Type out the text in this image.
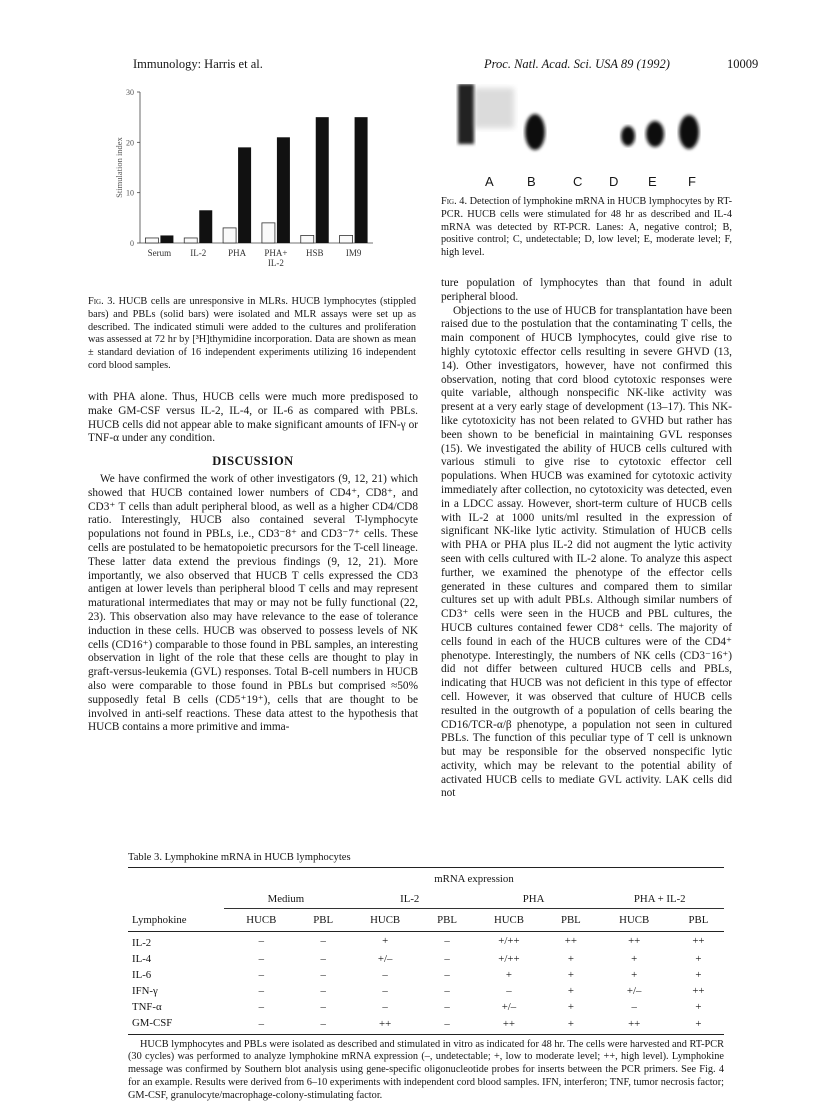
Immunology: Harris et al.	Proc. Natl. Acad. Sci. USA 89 (1992)	10009
0
10
20
30
Stimulation index
Serum IL-2 PHA PHA+ IL-2
HSB IM9
Fig. 3. HUCB cells are unresponsive in MLRs. HUCB lymphocytes (stippled bars) and PBLs (solid bars) were isolated and MLR assays were set up as described. The indicated stimuli were added to the cultures and proliferation was assessed at 72 hr by [³H]thymidine incorporation. Data are shown as mean ± standard deviation of 16 independent experiments utilizing 16 independent cord blood samples.
A	B	C D E F
Fig. 4. Detection of lymphokine mRNA in HUCB lymphocytes by RT-PCR. HUCB cells were stimulated for 48 hr as described and IL-4 mRNA was detected by RT-PCR. Lanes: A, negative control; B, positive control; C, undetectable; D, low level; E, moderate level; F, high level.

with PHA alone. Thus, HUCB cells were much more predisposed to make GM-CSF versus IL-2, IL-4, or IL-6 as compared with PBLs. HUCB cells did not appear able to make significant amounts of IFN-γ or TNF-α under any condition.

DISCUSSION

We have confirmed the work of other investigators (9, 12, 21) which showed that HUCB contained lower numbers of CD4⁺, CD8⁺, and CD3⁺ T cells than adult peripheral blood, as well as a higher CD4/CD8 ratio. Interestingly, HUCB also contained several T-lymphocyte populations not found in PBLs, i.e., CD3⁻8⁺ and CD3⁻7⁺ cells. These cells are postulated to be hematopoietic precursors for the T-cell lineage. These latter data extend the previous findings (9, 12, 21). More importantly, we also observed that HUCB T cells expressed the CD3 antigen at lower levels than peripheral blood T cells and may represent maturational intermediates that may or may not be fully functional (22, 23). This observation also may have relevance to the ease of tolerance induction in these cells. HUCB was observed to possess levels of NK cells (CD16⁺) comparable to those found in PBL samples, an interesting observation in light of the role that these cells are thought to play in graft-versus-leukemia (GVL) responses. Total B-cell numbers in HUCB also were comparable to those found in PBLs but comprised ≈50% supposedly fetal B cells (CD5⁺19⁺), cells that are thought to be involved in anti-self reactions. These data attest to the hypothesis that HUCB contains a more primitive and imma-

ture population of lymphocytes than that found in adult peripheral blood.

Objections to the use of HUCB for transplantation have been raised due to the postulation that the contaminating T cells, the main component of HUCB lymphocytes, could give rise to highly cytotoxic effector cells resulting in severe GHVD (13, 14). Other investigators, however, have not confirmed this observation, noting that cord blood cytotoxic responses were quite variable, although nonspecific NK-like activity was present at a very early stage of development (13–17). This NK-like cytotoxicity has not been related to GVHD but rather has been shown to be beneficial in maintaining GVL responses (15). We investigated the ability of HUCB cells cultured with various stimuli to give rise to cytotoxic effector cell populations. When HUCB was examined for cytotoxic activity immediately after collection, no cytotoxicity was detected, even in a LDCC assay. However, short-term culture of HUCB cells with IL-2 at 1000 units/ml resulted in the expression of significant NK-like lytic activity. Stimulation of HUCB cells with PHA or PHA plus IL-2 did not augment the lytic activity seen with cells cultured with IL-2 alone. To analyze this aspect further, we examined the phenotype of the effector cells generated in these cultures and compared them to similar cultures set up with adult PBLs. Although similar numbers of CD3⁺ cells were seen in the HUCB and PBL cultures, the HUCB cultures contained fewer CD8⁺ cells. The majority of cells found in each of the HUCB cultures were of the CD4⁺ phenotype. Interestingly, the numbers of NK cells (CD3⁻16⁺) did not differ between cultured HUCB cells and PBLs, indicating that HUCB was not deficient in this type of effector cell. However, it was observed that culture of HUCB cells resulted in the outgrowth of a population of cells bearing the CD16/TCR-α/β phenotype, a population not seen in cultured PBLs. The function of this peculiar type of T cell is unknown but may be responsible for the observed nonspecific lytic activity, which may be relevant to the potential ability of activated HUCB cells to mediate GVL activity. LAK cells did not

Table 3. Lymphokine mRNA in HUCB lymphocytes
	mRNA expression							
	Medium		IL-2		PHA		PHA + IL-2	
Lymphokine	HUCB	PBL	HUCB	PBL	HUCB	PBL	HUCB	PBL
IL-2	–	–	+	–	+/++	++	++	++
IL-4	–	–	+/–	–	+/++	+	+	+
IL-6	–	–	–	–	+	+	+	+
IFN-γ	–	–	–	–	–	+	+/–	++
TNF-α	–	–	–	–	+/–	+	–	+
GM-CSF	–	–	++	–	++	+	++	+
HUCB lymphocytes and PBLs were isolated as described and stimulated in vitro as indicated for 48 hr. The cells were harvested and RT-PCR (30 cycles) was performed to analyze lymphokine mRNA expression (–, undetectable; +, low to moderate level; ++, high level). Lymphokine message was confirmed by Southern blot analysis using gene-specific oligonucleotide probes for inserts between the PCR primers. See Fig. 4 for an example. Results were derived from 6–10 experiments with independent cord blood samples. IFN, interferon; TNF, tumor necrosis factor; GM-CSF, granulocyte/macrophage-colony-stimulating factor.
